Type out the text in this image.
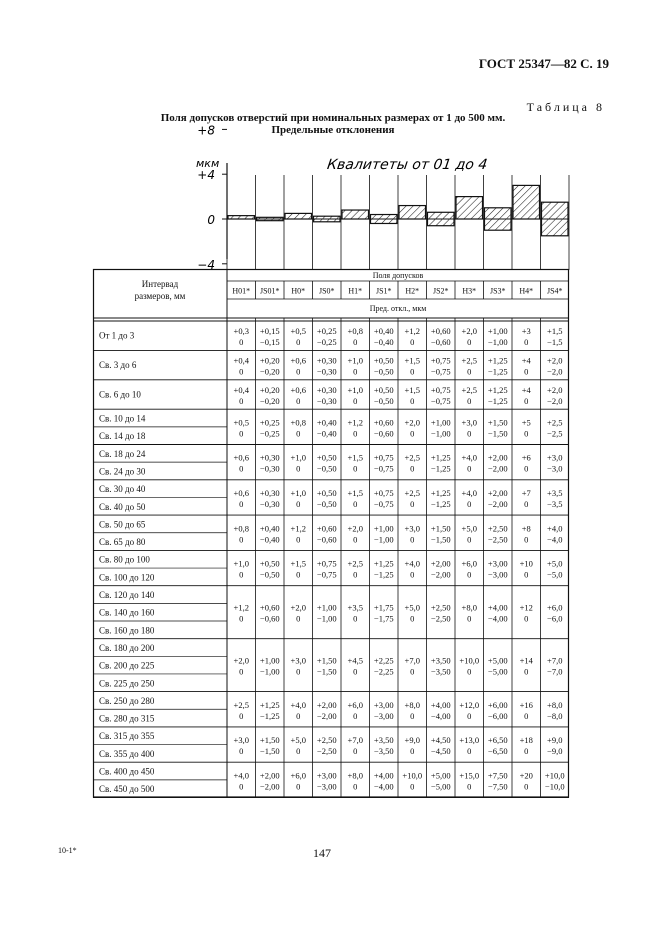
ГОСТ 25347—82 С. 19
Таблица 8
Поля допусков отверстий при номинальных размерах от 1 до 500 мм.
Предельные отклонения
мкм	Квалитеты от 01 до 4
+8
+4
0
−4
Интервад
размеров, мм
Поля допусков
Пред. откл., мкм
H01* JS01* H0* JS0* H1* JS1* H2* JS2* H3* JS3* H4* JS4*
От 1 до 3
Св. 3 до 6
Св. 6 до 10
Св. 10 до 14
Св. 14 до 18
Св. 18 до 24
Св. 24 до 30
Св. 30 до 40
Св. 40 до 50
Св. 50 до 65
Св. 65 до 80
Св. 80 до 100
Св. 100 до 120
Св. 120 до 140
Св. 140 до 160
Св. 160 до 180
Св. 180 до 200
Св. 200 до 225
Св. 225 до 250
Св. 250 до 280
Св. 280 до 315
Св. 315 до 355
Св. 355 до 400
Св. 400 до 450
Св. 450 до 500
+0,3
0
+0,15
−0,15
+0,5
0
+0,25
−0,25
+0,8
0
+0,40
−0,40
+1,2
0
+0,60
−0,60
+2,0
0
+1,00
−1,00
+3
0
+1,5
−1,5
+0,4
0
+0,20
−0,20
+0,6
0
+0,30
−0,30
+1,0
0
+0,50
−0,50
+1,5
0
+0,75
−0,75
+2,5
0
+1,25
−1,25
+4
0
+2,0
−2,0
+0,4
0
+0,20
−0,20
+0,6
0
+0,30
−0,30
+1,0
0
+0,50
−0,50
+1,5
0
+0,75
−0,75
+2,5
0
+1,25
−1,25
+4
0
+2,0
−2,0
+0,5
0
+0,25
−0,25
+0,8
0
+0,40
−0,40
+1,2
0
+0,60
−0,60
+2,0
0
+1,00
−1,00
+3,0
0
+1,50
−1,50
+5
0
+2,5
−2,5
+0,6
0
+0,30
−0,30
+1,0
0
+0,50
−0,50
+1,5
0
+0,75
−0,75
+2,5
0
+1,25
−1,25
+4,0
0
+2,00
−2,00
+6
0
+3,0
−3,0
+0,6
0
+0,30
−0,30
+1,0
0
+0,50
−0,50
+1,5
0
+0,75
−0,75
+2,5
0
+1,25
−1,25
+4,0
0
+2,00
−2,00
+7
0
+3,5
−3,5
+0,8
0
+0,40
−0,40
+1,2
0
+0,60
−0,60
+2,0
0
+1,00
−1,00
+3,0
0
+1,50
−1,50
+5,0
0
+2,50
−2,50
+8
0
+4,0
−4,0
+1,0
0
+0,50
−0,50
+1,5
0
+0,75
−0,75
+2,5
0
+1,25
−1,25
+4,0
0
+2,00
−2,00
+6,0
0
+3,00
−3,00
+10
0
+5,0
−5,0
+1,2
0
+0,60
−0,60
+2,0
0
+1,00
−1,00
+3,5
0
+1,75
−1,75
+5,0
0
+2,50
−2,50
+8,0
0
+4,00
−4,00
+12
0
+6,0
−6,0
+2,0
0
+1,00
−1,00
+3,0
0
+1,50
−1,50
+4,5
0
+2,25
−2,25
+7,0
0
+3,50
−3,50
+10,0
0
+5,00
−5,00
+14
0
+7,0
−7,0
+2,5
0
+1,25
−1,25
+4,0
0
+2,00
−2,00
+6,0
0
+3,00
−3,00
+8,0
0
+4,00
−4,00
+12,0
0
+6,00
−6,00
+16
0
+8,0
−8,0
+3,0
0
+1,50
−1,50
+5,0
0
+2,50
−2,50
+7,0
0
+3,50
−3,50
+9,0
0
+4,50
−4,50
+13,0
0
+6,50
−6,50
+18
0
+9,0
−9,0
+4,0
0
+2,00
−2,00
+6,0
0
+3,00
−3,00
+8,0
0
+4,00
−4,00
+10,0
0
+5,00
−5,00
+15,0
0
+7,50
−7,50
+20
0
+10,0
−10,0
10-1*	147
